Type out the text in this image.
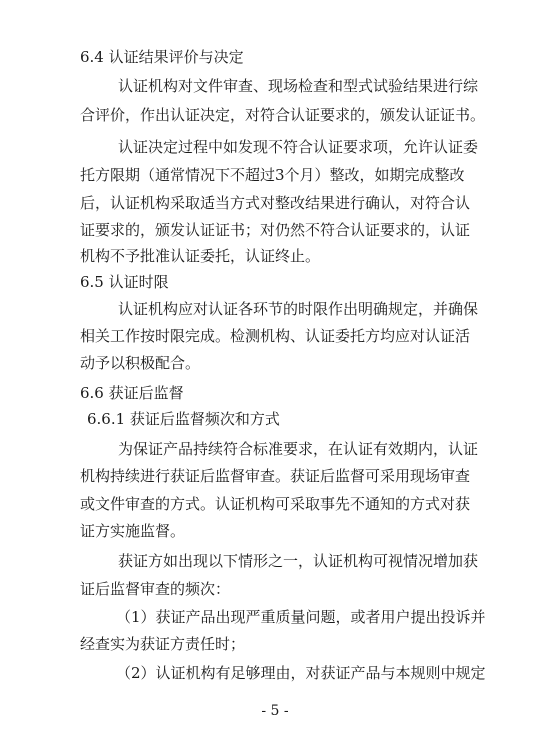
6.4 认证结果评价与决定
认证机构对文件审查、现场检查和型式试验结果进行综
合评价，作出认证决定，对符合认证要求的，颁发认证证书。
认证决定过程中如发现不符合认证要求项，允许认证委
托方限期（通常情况下不超过3个月）整改，如期完成整改
后，认证机构采取适当方式对整改结果进行确认，对符合认
证要求的，颁发认证证书；对仍然不符合认证要求的，认证
机构不予批准认证委托，认证终止。
6.5 认证时限
认证机构应对认证各环节的时限作出明确规定，并确保
相关工作按时限完成。检测机构、认证委托方均应对认证活
动予以积极配合。
6.6 获证后监督
6.6.1 获证后监督频次和方式
为保证产品持续符合标准要求，在认证有效期内，认证
机构持续进行获证后监督审查。获证后监督可采用现场审查
或文件审查的方式。认证机构可采取事先不通知的方式对获
证方实施监督。
获证方如出现以下情形之一，认证机构可视情况增加获
证后监督审查的频次：
（1）获证产品出现严重质量问题，或者用户提出投诉并
经查实为获证方责任时；
（2）认证机构有足够理由，对获证产品与本规则中规定
- 5 -
